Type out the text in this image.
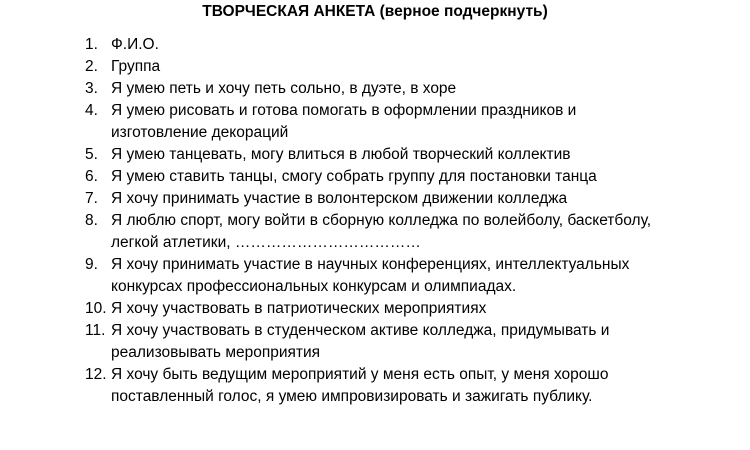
ТВОРЧЕСКАЯ АНКЕТА (верное подчеркнуть)
1. Ф.И.О.
2. Группа
3. Я умею петь и хочу петь сольно, в дуэте, в хоре
4. Я умею рисовать и готова помогать в оформлении праздников и
изготовление декораций
5. Я умею танцевать, могу влиться в любой творческий коллектив
6. Я умею ставить танцы, смогу собрать группу для постановки танца
7. Я хочу принимать участие в волонтерском движении колледжа
8. Я люблю спорт, могу войти в сборную колледжа по волейболу, баскетболу,
легкой атлетики, ………………………………
9. Я хочу принимать участие в научных конференциях, интеллектуальных
конкурсах профессиональных конкурсам и олимпиадах.
10. Я хочу участвовать в патриотических мероприятиях
11. Я хочу участвовать в студенческом активе колледжа, придумывать и
реализовывать мероприятия
12. Я хочу быть ведущим мероприятий у меня есть опыт, у меня хорошо
поставленный голос, я умею импровизировать и зажигать публику.
